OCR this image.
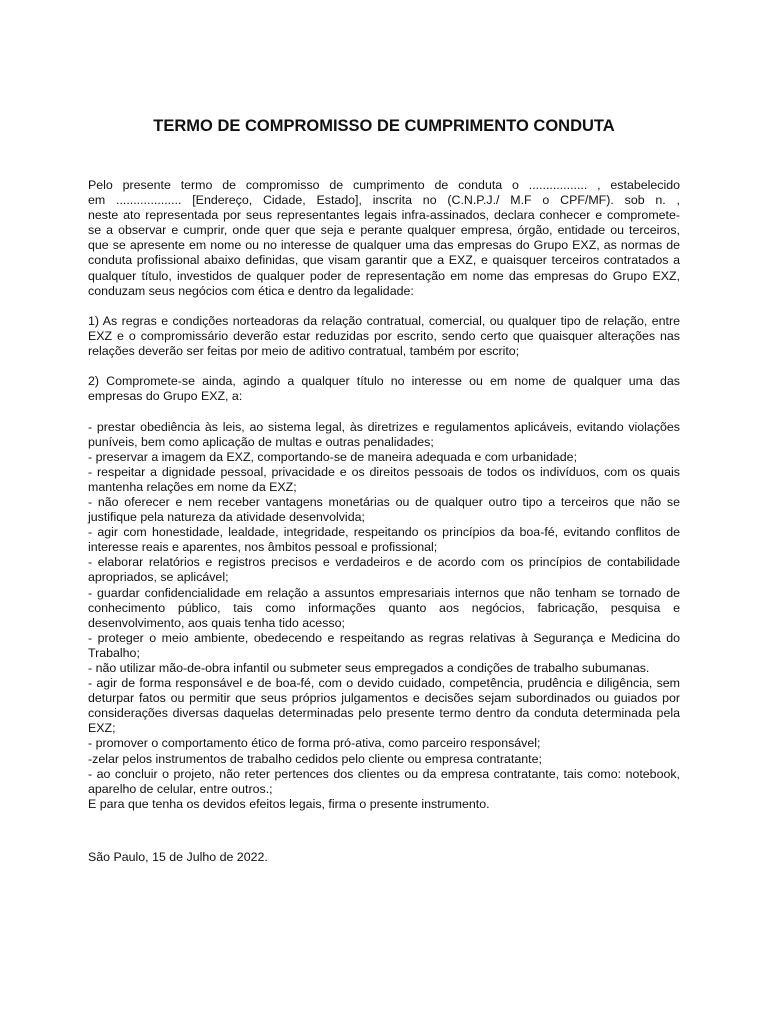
TERMO DE COMPROMISSO DE CUMPRIMENTO CONDUTA

Pelo presente termo de compromisso de cumprimento de conduta o ................. , estabelecido
em ................... [Endereço, Cidade, Estado], inscrita no (C.N.P.J./ M.F o CPF/MF). sob n. ,
neste ato representada por seus representantes legais infra-assinados, declara conhecer e compromete-
se a observar e cumprir, onde quer que seja e perante qualquer empresa, órgão, entidade ou terceiros,
que se apresente em nome ou no interesse de qualquer uma das empresas do Grupo EXZ, as normas de
conduta profissional abaixo definidas, que visam garantir que a EXZ, e quaisquer terceiros contratados a
qualquer título, investidos de qualquer poder de representação em nome das empresas do Grupo EXZ,
conduzam seus negócios com ética e dentro da legalidade:

1) As regras e condições norteadoras da relação contratual, comercial, ou qualquer tipo de relação, entre
EXZ e o compromissário deverão estar reduzidas por escrito, sendo certo que quaisquer alterações nas
relações deverão ser feitas por meio de aditivo contratual, também por escrito;

2) Compromete-se ainda, agindo a qualquer título no interesse ou em nome de qualquer uma das
empresas do Grupo EXZ, a:

- prestar obediência às leis, ao sistema legal, às diretrizes e regulamentos aplicáveis, evitando violações
puníveis, bem como aplicação de multas e outras penalidades;
- preservar a imagem da EXZ, comportando-se de maneira adequada e com urbanidade;
- respeitar a dignidade pessoal, privacidade e os direitos pessoais de todos os indivíduos, com os quais
mantenha relações em nome da EXZ;
- não oferecer e nem receber vantagens monetárias ou de qualquer outro tipo a terceiros que não se
justifique pela natureza da atividade desenvolvida;
- agir com honestidade, lealdade, integridade, respeitando os princípios da boa-fé, evitando conflitos de
interesse reais e aparentes, nos âmbitos pessoal e profissional;
- elaborar relatórios e registros precisos e verdadeiros e de acordo com os princípios de contabilidade
apropriados, se aplicável;
- guardar confidencialidade em relação a assuntos empresariais internos que não tenham se tornado de
conhecimento público, tais como informações quanto aos negócios, fabricação, pesquisa e
desenvolvimento, aos quais tenha tido acesso;
- proteger o meio ambiente, obedecendo e respeitando as regras relativas à Segurança e Medicina do
Trabalho;
- não utilizar mão-de-obra infantil ou submeter seus empregados a condições de trabalho subumanas.
- agir de forma responsável e de boa-fé, com o devido cuidado, competência, prudência e diligência, sem
deturpar fatos ou permitir que seus próprios julgamentos e decisões sejam subordinados ou guiados por
considerações diversas daquelas determinadas pelo presente termo dentro da conduta determinada pela
EXZ;
- promover o comportamento ético de forma pró-ativa, como parceiro responsável;
-zelar pelos instrumentos de trabalho cedidos pelo cliente ou empresa contratante;
- ao concluir o projeto, não reter pertences dos clientes ou da empresa contratante, tais como: notebook,
aparelho de celular, entre outros.;

E para que tenha os devidos efeitos legais, firma o presente instrumento.

São Paulo, 15 de Julho de 2022.
